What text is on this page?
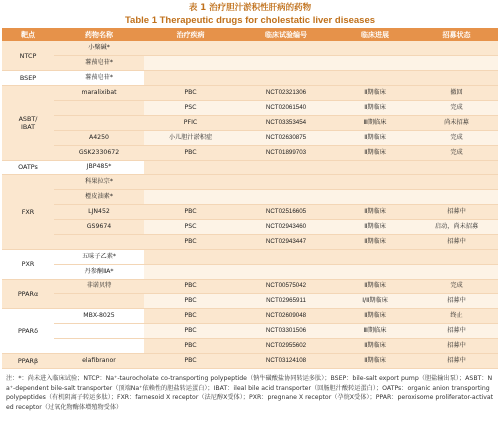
表 1 治疗胆汁淤积性肝病的药物
Table 1 Therapeutic drugs for cholestatic liver diseases
靶点	药物名称	治疗疾病	临床试验编号	临床进展	招募状态
NTCP	小檗碱*				
	薯蓣皂苷*				
BSEP	薯蓣皂苷*				
ASBT/
IBAT	maralixibat	PBC	NCT02321306	Ⅱ期临床	撤回
		PSC	NCT02061540	Ⅱ期临床	完成
		PFIC	NCT03353454	Ⅲ期临床	尚未招募
	A4250	小儿胆汁淤积症	NCT02630875	Ⅱ期临床	完成
	GSK2330672	PBC	NCT01899703	Ⅱ期临床	完成
OATPs	JBP485*				
FXR	科果拉宗*				
	橙皮油素*				
	LJN452	PBC	NCT02516605	Ⅱ期临床	招募中
	GS9674	PSC	NCT02943460	Ⅱ期临床	启动，尚未招募
		PBC	NCT02943447	Ⅱ期临床	招募中
PXR	五味子乙素*				
	丹参酮ⅡA*				
PPARα	非诺贝特	PBC	NCT00575042	Ⅱ期临床	完成
		PBC	NCT02965911	Ⅰ/Ⅱ期临床	招募中
PPARδ	MBX-8025	PBC	NCT02609048	Ⅱ期临床	终止
		PBC	NCT03301506	Ⅲ期临床	招募中
		PBC	NCT02955602	Ⅱ期临床	招募中
PPARβ	elafibranor	PBC	NCT03124108	Ⅱ期临床	招募中
注：*：尚未进入临床试验；NTCP：Na⁺-taurocholate co-transporting polypeptide（钠牛磺酸盐协同转运多肽）；BSEP：bile-salt export pump（胆盐输出泵）；ASBT：Na⁺-dependent bile-salt transporter（顶端Na⁺依赖性的胆盐转运蛋白）；IBAT：ileal bile acid transporter（回肠胆汁酸转运蛋白）；OATPs：organic anion transporting polypeptides（有机阴离子转运多肽）；FXR：farnesoid X receptor（法尼醇X受体）；PXR：pregnane X receptor（孕烷X受体）；PPAR：peroxisome proliferator-activated receptor（过氧化物酶体增殖物受体）
